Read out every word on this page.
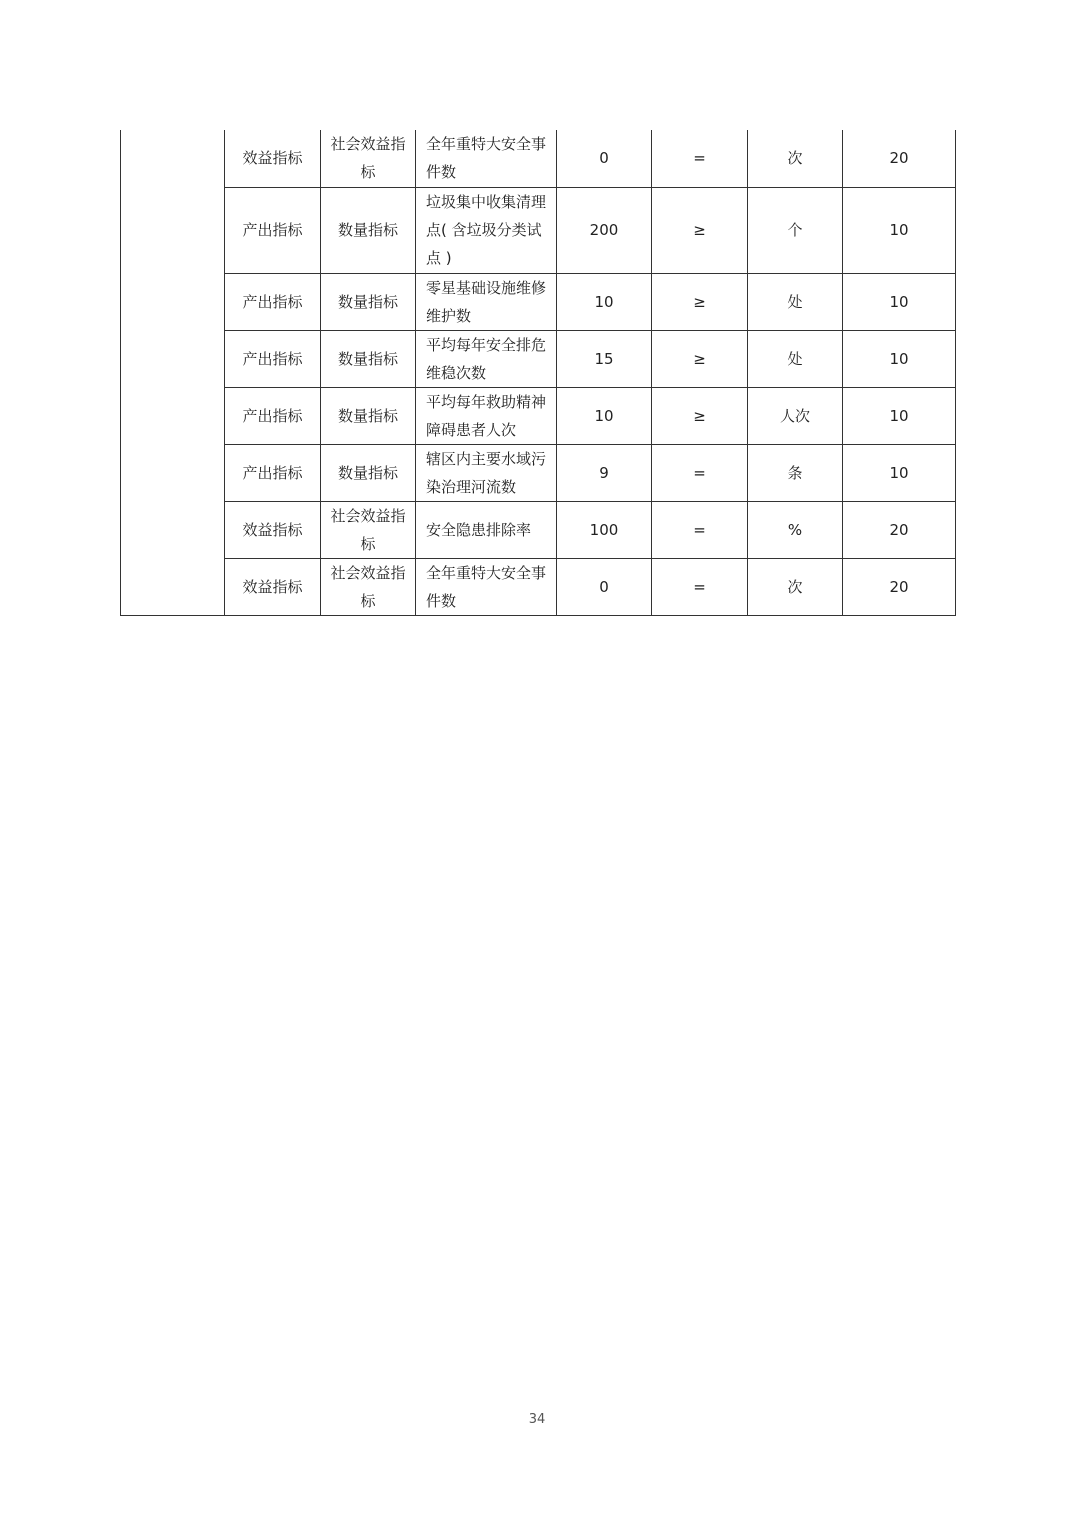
	效益指标	社会效益指标	全年重特大安全事件数	0	=	次	20
	产出指标	数量指标	垃圾集中收集清理点( 含垃圾分类试点 )	200	≥	个	10
	产出指标	数量指标	零星基础设施维修维护数	10	≥	处	10
	产出指标	数量指标	平均每年安全排危维稳次数	15	≥	处	10
	产出指标	数量指标	平均每年救助精神障碍患者人次	10	≥	人次	10
	产出指标	数量指标	辖区内主要水域污染治理河流数	9	=	条	10
	效益指标	社会效益指标	安全隐患排除率	100	=	%	20
	效益指标	社会效益指标	全年重特大安全事件数	0	=	次	20
34
